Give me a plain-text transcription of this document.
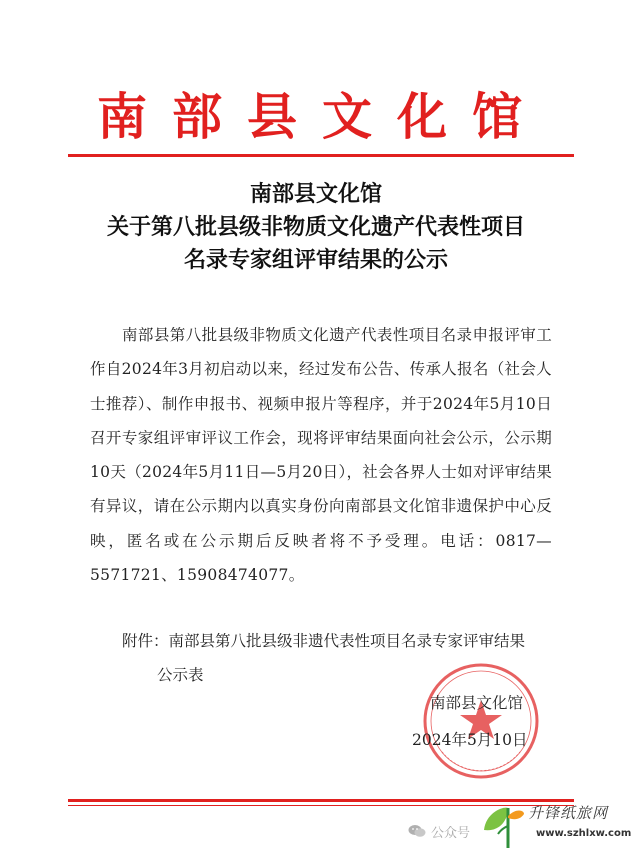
南部县文化馆
南部县文化馆
关于第八批县级非物质文化遗产代表性项目
名录专家组评审结果的公示
南部县第八批县级非物质文化遗产代表性项目名录申报评审工作自2024年3月初启动以来，经过发布公告、传承人报名（社会人士推荐）、制作申报书、视频申报片等程序，并于2024年5月10日召开专家组评审评议工作会，现将评审结果面向社会公示，公示期10天（2024年5月11日—5月20日），社会各界人士如对评审结果有异议，请在公示期内以真实身份向南部县文化馆非遗保护中心反映，匿名或在公示期后反映者将不予受理。电话：0817—5571721、15908474077。
附件：南部县第八批县级非遗代表性项目名录专家评审结果
公示表
南部县文化馆
2024年5月10日
公众号
升锋纸旅网
www.szhlxw.com
